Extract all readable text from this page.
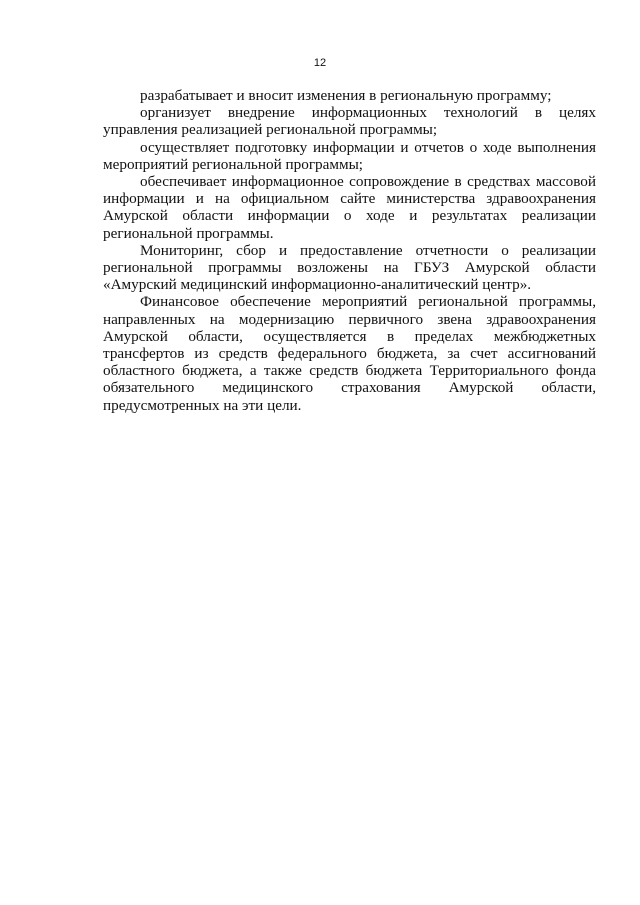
12

разрабатывает и вносит изменения в региональную программу;

организует внедрение информационных технологий в целях управления реализацией региональной программы;

осуществляет подготовку информации и отчетов о ходе выполнения мероприятий региональной программы;

обеспечивает информационное сопровождение в средствах массовой информации и на официальном сайте министерства здравоохранения Амурской области информации о ходе и результатах реализации региональной программы.

Мониторинг, сбор и предоставление отчетности о реализации региональной программы возложены на ГБУЗ Амурской области «Амурский медицинский информационно-аналитический центр».

Финансовое обеспечение мероприятий региональной программы, направленных на модернизацию первичного звена здравоохранения Амурской области, осуществляется в пределах межбюджетных трансфертов из средств федерального бюджета, за счет ассигнований областного бюджета, а также средств бюджета Территориального фонда обязательного медицинского страхования Амурской области, предусмотренных на эти цели.
